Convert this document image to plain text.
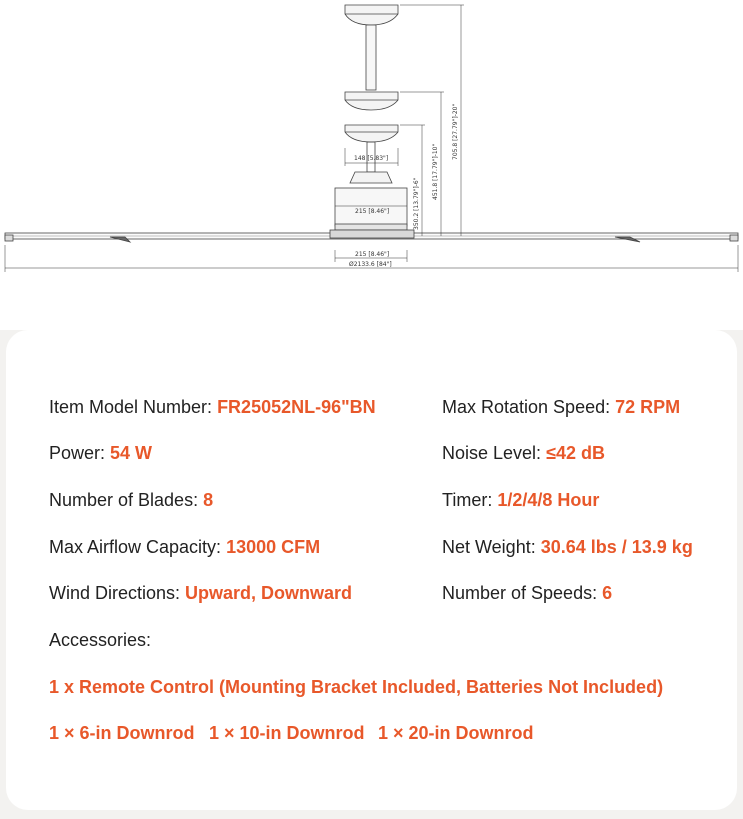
148 [5.83"]
215 [8.46"]
215 [8.46"]
Ø2133.6 [84"]
350.2 [13.79"]-6"
451.8 [17.79"]-10"
705.8 [27.79"]-20"
Item Model Number: FR25052NL-96"BN
Power: 54 W
Number of Blades: 8
Max Airflow Capacity: 13000 CFM
Wind Directions: Upward, Downward
Max Rotation Speed: 72 RPM
Noise Level: ≤42 dB
Timer: 1/2/4/8 Hour
Net Weight: 30.64 lbs / 13.9 kg
Number of Speeds: 6
Accessories:
1 x Remote Control (Mounting Bracket Included, Batteries Not Included)
1 × 6-in Downrod 1 × 10-in Downrod 1 × 20-in Downrod
